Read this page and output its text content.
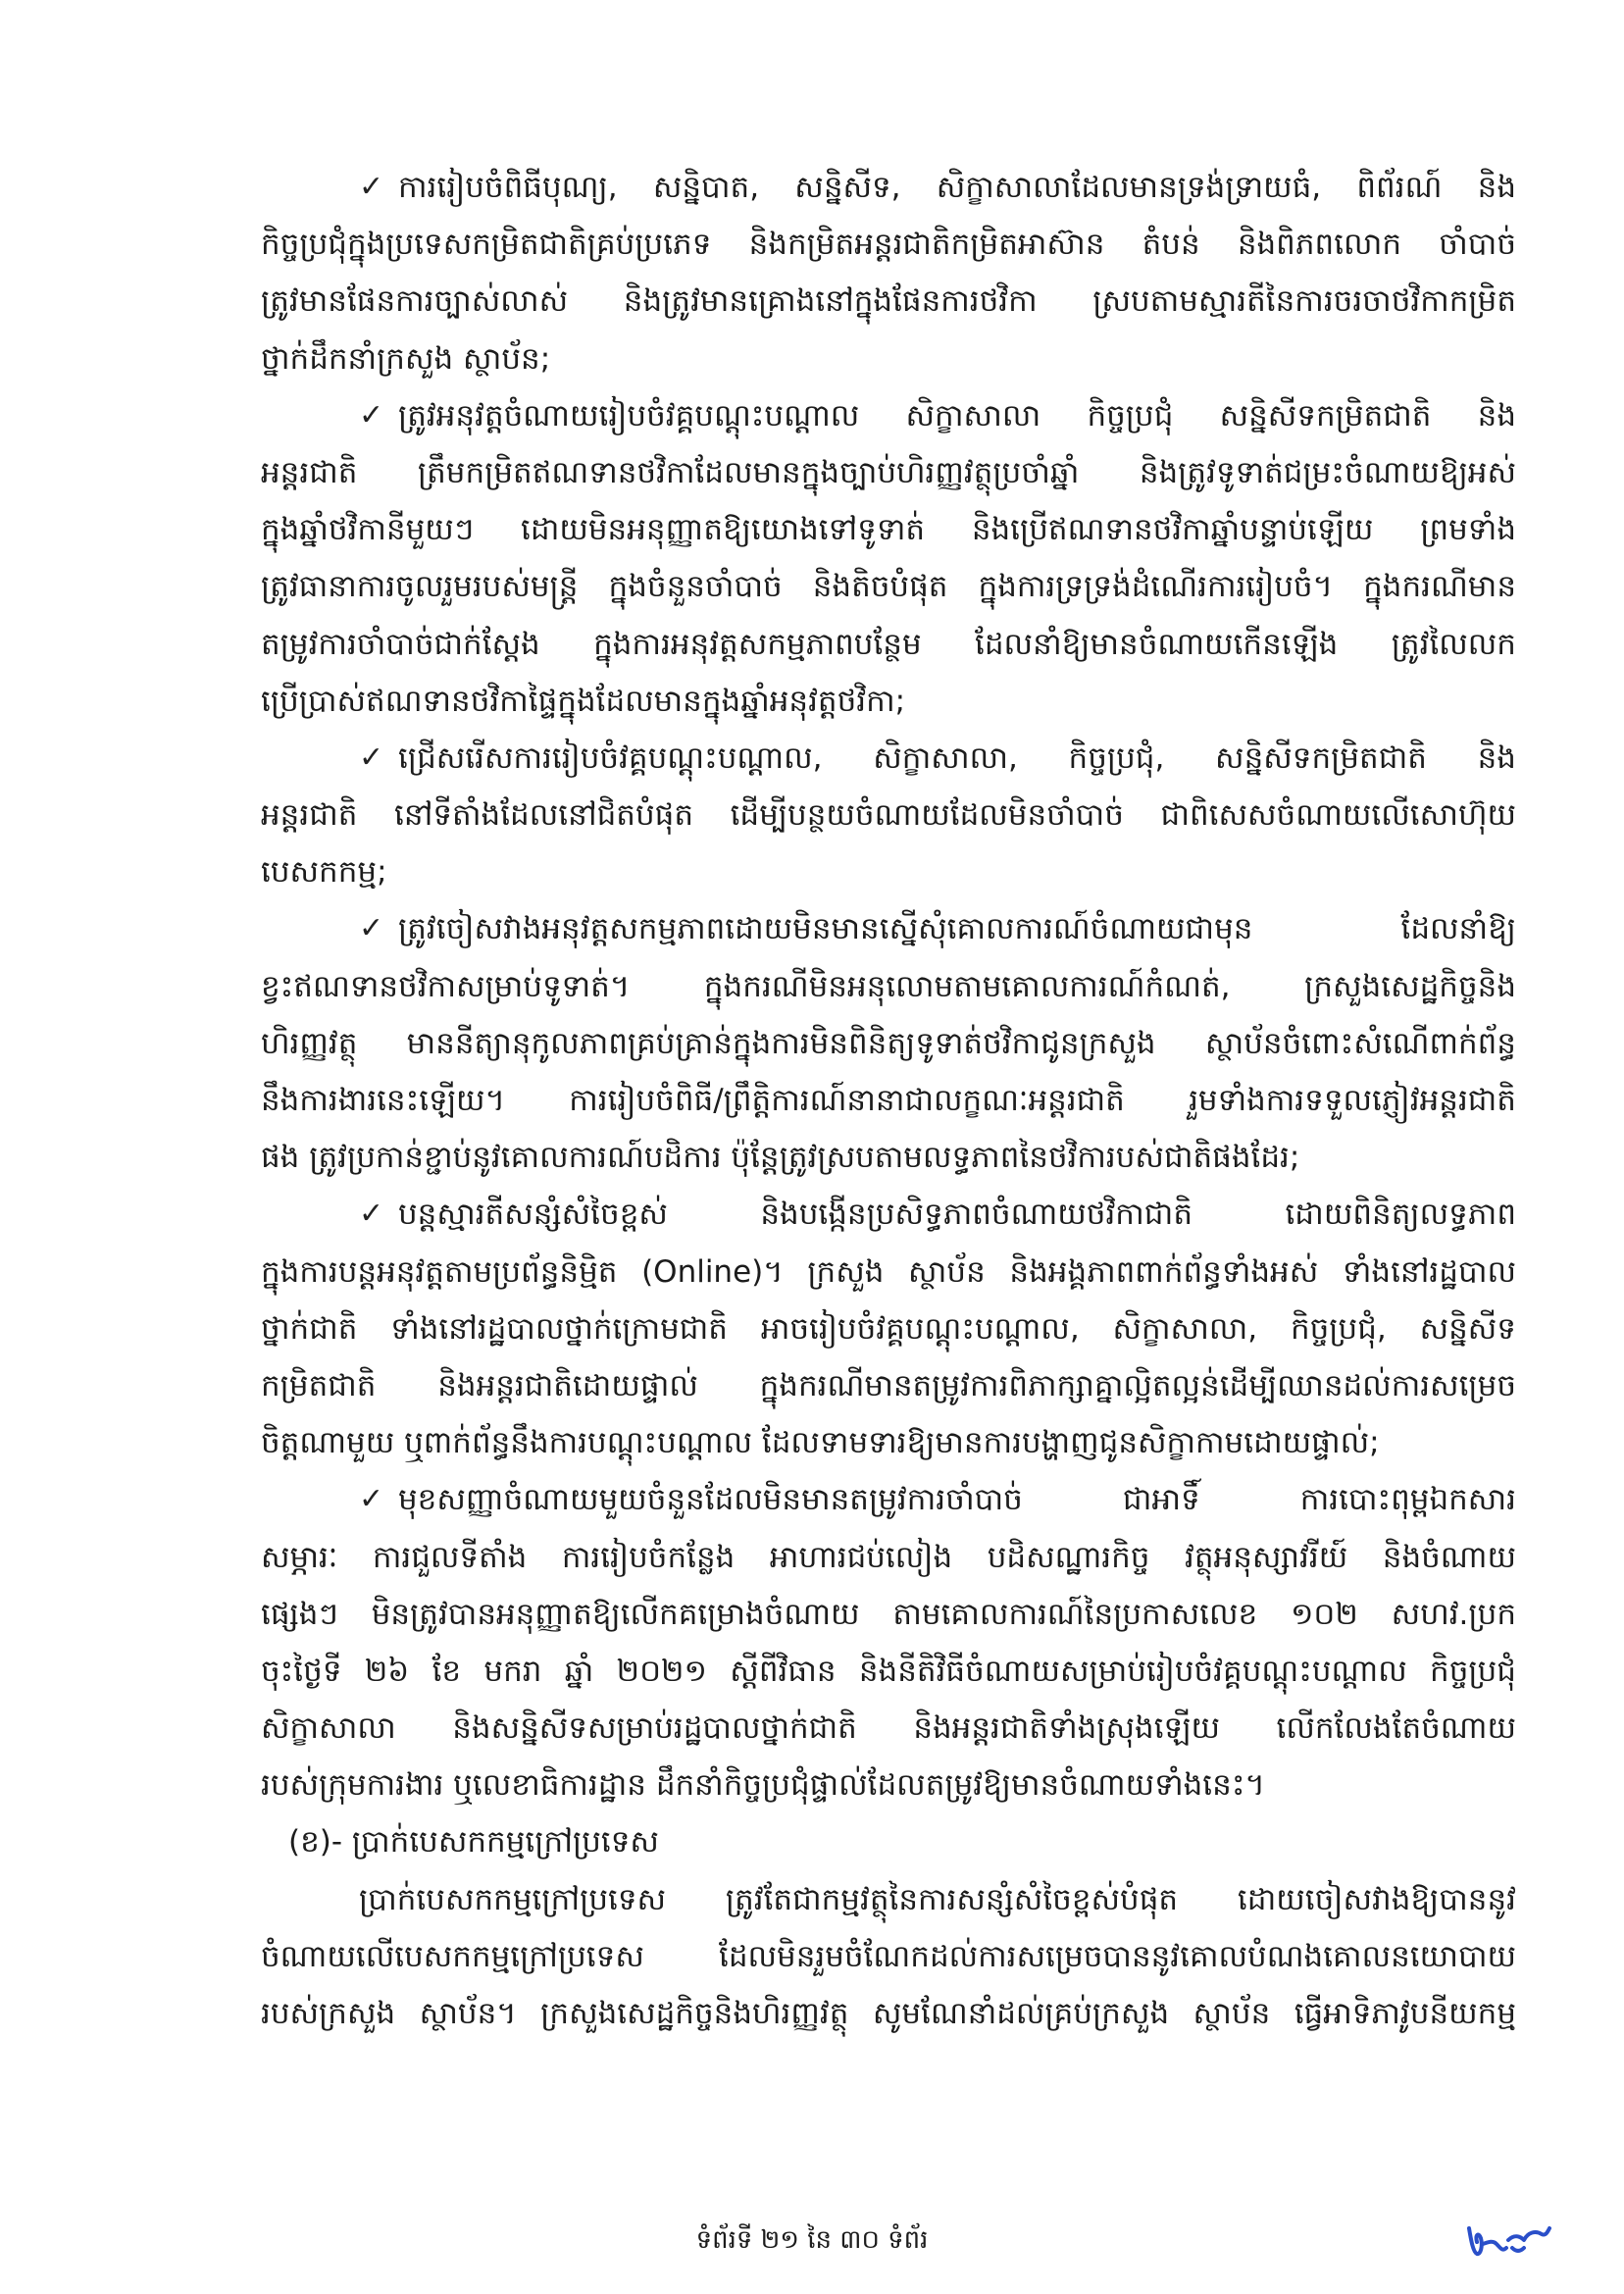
✓ ការរៀបចំពិធីបុណ្យ, សន្និបាត, សន្និសីទ, សិក្ខាសាលាដែលមានទ្រង់ទ្រាយធំ, ពិព័រណ៍ និង
កិច្ចប្រជុំក្នុងប្រទេសកម្រិតជាតិគ្រប់ប្រភេទ និងកម្រិតអន្តរជាតិកម្រិតអាស៊ាន តំបន់ និងពិភពលោក ចាំបាច់
ត្រូវមានផែនការច្បាស់លាស់ និងត្រូវមានគ្រោងនៅក្នុងផែនការថវិកា ស្របតាមស្មារតីនៃការចរចាថវិកាកម្រិត
ថ្នាក់ដឹកនាំក្រសួង ស្ថាប័ន;
✓ ត្រូវអនុវត្តចំណាយរៀបចំវគ្គបណ្តុះបណ្តាល សិក្ខាសាលា កិច្ចប្រជុំ សន្និសីទកម្រិតជាតិ និង
អន្តរជាតិ ត្រឹមកម្រិតឥណទានថវិកាដែលមានក្នុងច្បាប់ហិរញ្ញវត្ថុប្រចាំឆ្នាំ និងត្រូវទូទាត់ជម្រះចំណាយឱ្យអស់
ក្នុងឆ្នាំថវិកានីមួយៗ ដោយមិនអនុញ្ញាតឱ្យយោងទៅទូទាត់ និងប្រើឥណទានថវិកាឆ្នាំបន្ទាប់ឡើយ ព្រមទាំង
ត្រូវធានាការចូលរួមរបស់មន្ត្រី ក្នុងចំនួនចាំបាច់ និងតិចបំផុត ក្នុងការទ្រទ្រង់ដំណើរការរៀបចំ។ ក្នុងករណីមាន
តម្រូវការចាំបាច់ជាក់ស្តែង ក្នុងការអនុវត្តសកម្មភាពបន្ថែម ដែលនាំឱ្យមានចំណាយកើនឡើង ត្រូវលៃលក
ប្រើប្រាស់ឥណទានថវិកាផ្ទៃក្នុងដែលមានក្នុងឆ្នាំអនុវត្តថវិកា;
✓ ជ្រើសរើសការរៀបចំវគ្គបណ្តុះបណ្តាល, សិក្ខាសាលា, កិច្ចប្រជុំ, សន្និសីទកម្រិតជាតិ និង
អន្តរជាតិ នៅទីតាំងដែលនៅជិតបំផុត ដើម្បីបន្ថយចំណាយដែលមិនចាំបាច់ ជាពិសេសចំណាយលើសោហ៊ុយ
បេសកកម្ម;
✓ ត្រូវចៀសវាងអនុវត្តសកម្មភាពដោយមិនមានស្នើសុំគោលការណ៍ចំណាយជាមុន ដែលនាំឱ្យ
ខ្វះឥណទានថវិកាសម្រាប់ទូទាត់។ ក្នុងករណីមិនអនុលោមតាមគោលការណ៍កំណត់, ក្រសួងសេដ្ឋកិច្ចនិង
ហិរញ្ញវត្ថុ មាននីត្យានុកូលភាពគ្រប់គ្រាន់ក្នុងការមិនពិនិត្យទូទាត់ថវិកាជូនក្រសួង ស្ថាប័នចំពោះសំណើពាក់ព័ន្ធ
នឹងការងារនេះឡើយ។ ការរៀបចំពិធី/ព្រឹត្តិការណ៍នានាជាលក្ខណៈអន្តរជាតិ រួមទាំងការទទួលភ្ញៀវអន្តរជាតិ
ផង ត្រូវប្រកាន់ខ្ជាប់នូវគោលការណ៍បដិការ ប៉ុន្តែត្រូវស្របតាមលទ្ធភាពនៃថវិការបស់ជាតិផងដែរ;
✓ បន្តស្មារតីសន្សំសំចៃខ្ពស់ និងបង្កើនប្រសិទ្ធភាពចំណាយថវិកាជាតិ ដោយពិនិត្យលទ្ធភាព
ក្នុងការបន្តអនុវត្តតាមប្រព័ន្ធនិម្មិត (Online)។ ក្រសួង ស្ថាប័ន និងអង្គភាពពាក់ព័ន្ធទាំងអស់ ទាំងនៅរដ្ឋបាល
ថ្នាក់ជាតិ ទាំងនៅរដ្ឋបាលថ្នាក់ក្រោមជាតិ អាចរៀបចំវគ្គបណ្តុះបណ្តាល, សិក្ខាសាលា, កិច្ចប្រជុំ, សន្និសីទ
កម្រិតជាតិ និងអន្តរជាតិដោយផ្ទាល់ ក្នុងករណីមានតម្រូវការពិភាក្សាគ្នាល្អិតល្អន់ដើម្បីឈានដល់ការសម្រេច
ចិត្តណាមួយ ឬពាក់ព័ន្ធនឹងការបណ្តុះបណ្តាល ដែលទាមទារឱ្យមានការបង្ហាញជូនសិក្ខាកាមដោយផ្ទាល់;
✓ មុខសញ្ញាចំណាយមួយចំនួនដែលមិនមានតម្រូវការចាំបាច់ ជាអាទិ៍ ការបោះពុម្ពឯកសារ
សម្ភារៈ ការជួលទីតាំង ការរៀបចំកន្លែង អាហារជប់លៀង បដិសណ្ឋារកិច្ច វត្ថុអនុស្សាវរីយ៍ និងចំណាយ
ផ្សេងៗ មិនត្រូវបានអនុញ្ញាតឱ្យលើកគម្រោងចំណាយ តាមគោលការណ៍នៃប្រកាសលេខ ១០២ សហវ.ប្រក
ចុះថ្ងៃទី ២៦ ខែ មករា ឆ្នាំ ២០២១ ស្តីពីវិធាន និងនីតិវិធីចំណាយសម្រាប់រៀបចំវគ្គបណ្តុះបណ្តាល កិច្ចប្រជុំ
សិក្ខាសាលា និងសន្និសីទសម្រាប់រដ្ឋបាលថ្នាក់ជាតិ និងអន្តរជាតិទាំងស្រុងឡើយ លើកលែងតែចំណាយ
របស់ក្រុមការងារ ឬលេខាធិការដ្ឋាន ដឹកនាំកិច្ចប្រជុំផ្ទាល់ដែលតម្រូវឱ្យមានចំណាយទាំងនេះ។
(ខ)- ប្រាក់បេសកកម្មក្រៅប្រទេស
ប្រាក់បេសកកម្មក្រៅប្រទេស ត្រូវតែជាកម្មវត្ថុនៃការសន្សំសំចៃខ្ពស់បំផុត ដោយចៀសវាងឱ្យបាននូវ
ចំណាយលើបេសកកម្មក្រៅប្រទេស ដែលមិនរួមចំណែកដល់ការសម្រេចបាននូវគោលបំណងគោលនយោបាយ
របស់ក្រសួង ស្ថាប័ន។ ក្រសួងសេដ្ឋកិច្ចនិងហិរញ្ញវត្ថុ សូមណែនាំដល់គ្រប់ក្រសួង ស្ថាប័ន ធ្វើអាទិភាវូបនីយកម្ម
ទំព័រទី ២១ នៃ ៣០ ទំព័រ
